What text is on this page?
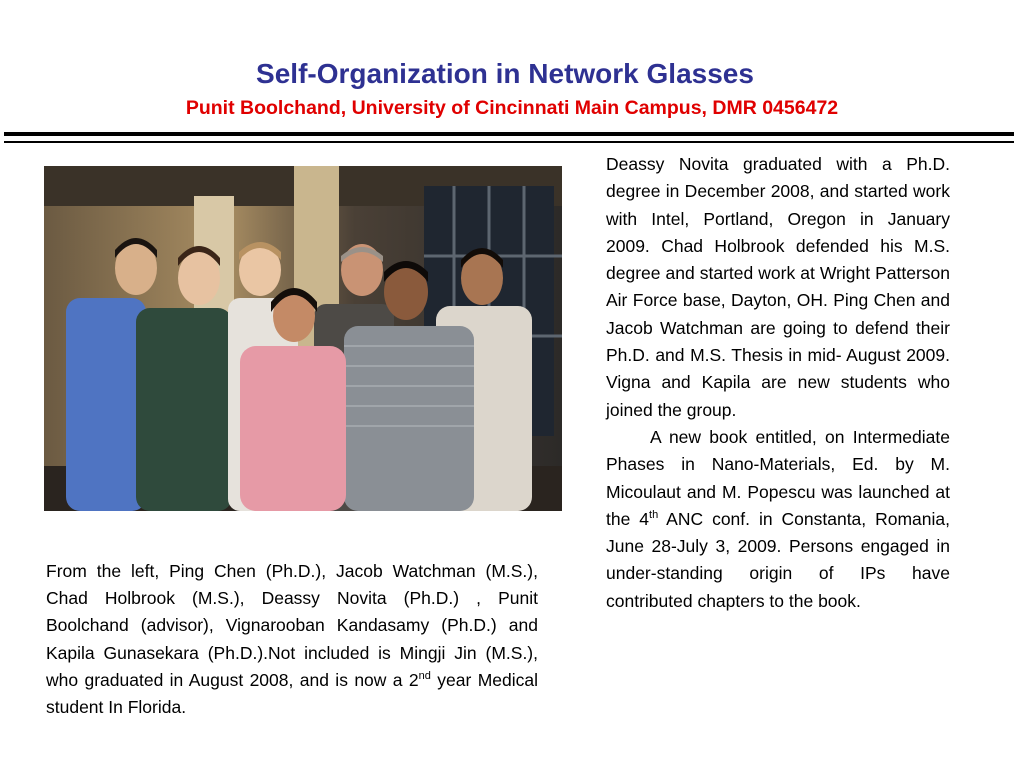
Self-Organization in Network Glasses
Punit Boolchand, University of Cincinnati Main Campus, DMR 0456472
From the left, Ping Chen (Ph.D.), Jacob Watchman (M.S.), Chad Holbrook (M.S.), Deassy Novita (Ph.D.) , Punit Boolchand (advisor), Vignarooban Kandasamy (Ph.D.) and Kapila Gunasekara (Ph.D.).Not included is Mingji Jin (M.S.), who graduated in August 2008, and is now a 2nd year Medical student In Florida.

Deassy Novita graduated with a Ph.D. degree in December 2008, and started work with Intel, Portland, Oregon in January 2009. Chad Holbrook defended his M.S. degree and started work at Wright Patterson Air Force base, Dayton, OH. Ping Chen and Jacob Watchman are going to defend their Ph.D. and M.S. Thesis in mid- August 2009. Vigna and Kapila are new students who joined the group.

A new book entitled, on Intermediate Phases in Nano-Materials, Ed. by M. Micoulaut and M. Popescu was launched at the 4th ANC conf. in Constanta, Romania, June 28-July 3, 2009. Persons engaged in under-standing origin of IPs have contributed chapters to the book.
